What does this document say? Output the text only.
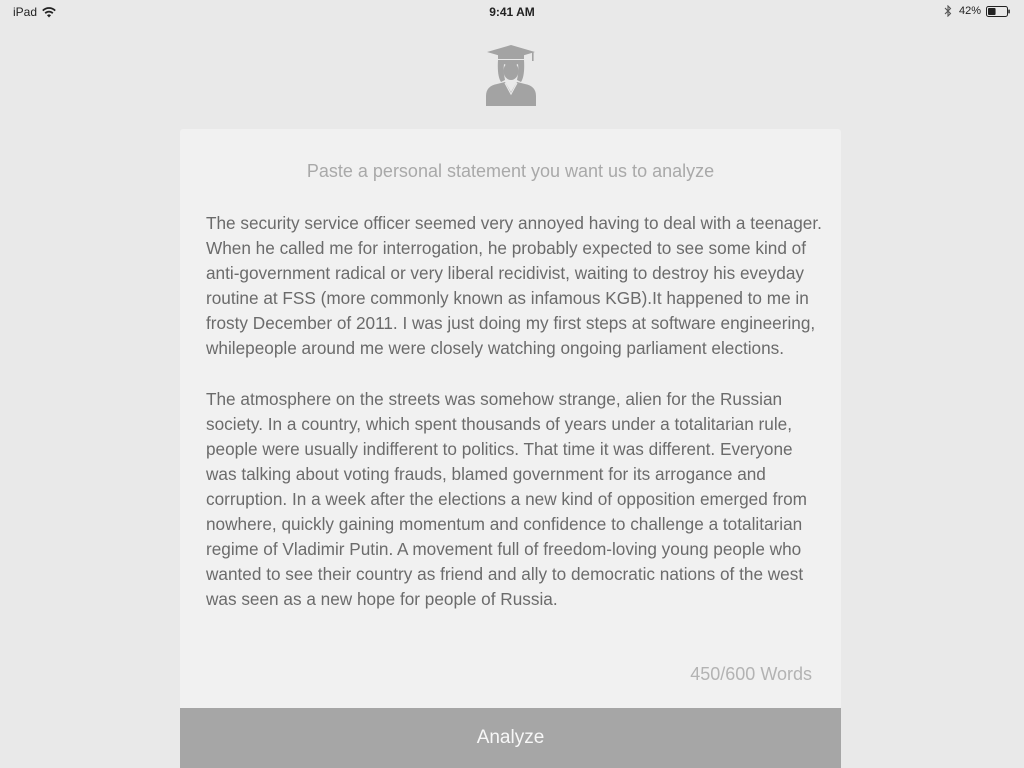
iPad	9:41 AM	42%
Paste a personal statement you want us to analyze

The security service officer seemed very annoyed having to deal with a teenager. When he called me for interrogation, he probably expected to see some kind of anti-government radical or very liberal recidivist, waiting to destroy his eveyday routine at FSS (more commonly known as infamous KGB).It happened to me in frosty December of 2011. I was just doing my first steps at software engineering, whilepeople around me were closely watching ongoing parliament elections.

The atmosphere on the streets was somehow strange, alien for the Russian society. In a country, which spent thousands of years under a totalitarian rule, people were usually indifferent to politics. That time it was different. Everyone was talking about voting frauds, blamed government for its arrogance and corruption. In a week after the elections a new kind of opposition emerged from nowhere, quickly gaining momentum and confidence to challenge a totalitarian regime of Vladimir Putin. A movement full of freedom-loving young people who wanted to see their country as friend and ally to democratic nations of the west was seen as a new hope for people of Russia.

450/600 Words
Analyze
